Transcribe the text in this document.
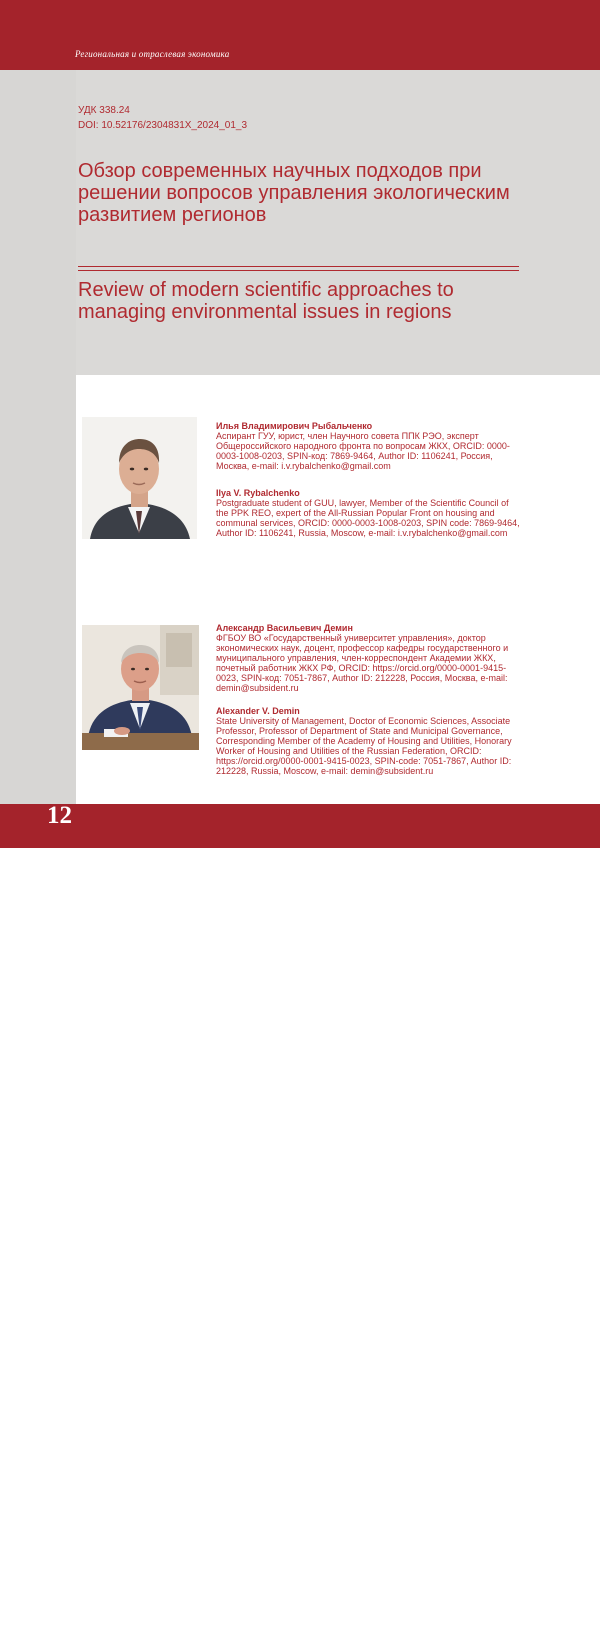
Региональная и отраслевая экономика
УДК 338.24
DOI: 10.52176/2304831X_2024_01_3
Обзор современных научных подходов при решении вопросов управления экологическим развитием регионов
Review of modern scientific approaches to managing environmental issues in regions
Илья Владимирович Рыбальченко
Аспирант ГУУ, юрист, член Научного совета ППК РЭО, эксперт Общероссийского народного фронта по вопросам ЖКХ, ORCID: 0000-0003-1008-0203, SPIN-код: 7869-9464, Author ID: 1106241, Россия, Москва, e-mail: i.v.rybalchenko@gmail.com
Ilya V. Rybalchenko
Postgraduate student of GUU, lawyer, Member of the Scientific Council of the PPK REO, expert of the All-Russian Popular Front on housing and communal services, ORCID: 0000-0003-1008-0203, SPIN code: 7869-9464, Author ID: 1106241, Russia, Moscow, e-mail: i.v.rybalchenko@gmail.com
Александр Васильевич Демин
ФГБОУ ВО «Государственный университет управления», доктор экономических наук, доцент, профессор кафедры государственного и муниципального управления, член-корреспондент Академии ЖКХ, почетный работник ЖКХ РФ, ORCID: https://orcid.org/0000-0001-9415-0023, SPIN-код: 7051-7867, Author ID: 212228, Россия, Москва, e-mail: demin@subsident.ru
Alexander V. Demin
State University of Management, Doctor of Economic Sciences, Associate Professor, Professor of Department of State and Municipal Governance, Corresponding Member of the Academy of Housing and Utilities, Honorary Worker of Housing and Utilities of the Russian Federation, ORCID: https://orcid.org/0000-0001-9415-0023, SPIN-code: 7051-7867, Author ID: 212228, Russia, Moscow, e-mail: demin@subsident.ru
© Рыбальченко И. В., Демин А. В., 2024
Муниципальная академия, 2024, № 1, с. 12–23.
12
